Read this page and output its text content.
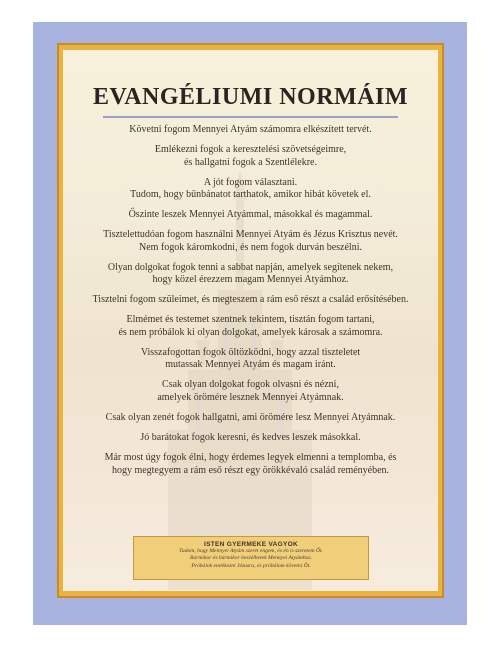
EVANGÉLIUMI NORMÁIM
Követni fogom Mennyei Atyám számomra elkészített tervét.
Emlékezni fogok a keresztelési szövetségeimre,
és hallgatni fogok a Szentlélekre.
A jót fogom választani.
Tudom, hogy bűnbánatot tarthatok, amikor hibát követek el.
Őszinte leszek Mennyei Atyámmal, másokkal és magammal.
Tisztelettudóan fogom használni Mennyei Atyám és Jézus Krisztus nevét.
Nem fogok káromkodni, és nem fogok durván beszélni.
Olyan dolgokat fogok tenni a sabbat napján, amelyek segítenek nekem,
hogy közel érezzem magam Mennyei Atyámhoz.
Tisztelni fogom szüleimet, és megteszem a rám eső részt a család erősítésében.
Elmémet és testemet szentnek tekintem, tisztán fogom tartani,
és nem próbálok ki olyan dolgokat, amelyek károsak a számomra.
Visszafogottan fogok öltözködni, hogy azzal tiszteletet
mutassak Mennyei Atyám és magam iránt.
Csak olyan dolgokat fogok olvasni és nézni,
amelyek örömére lesznek Mennyei Atyámnak.
Csak olyan zenét fogok hallgatni, ami örömére lesz Mennyei Atyámnak.
Jó barátokat fogok keresni, és kedves leszek másokkal.
Már most úgy fogok élni, hogy érdemes legyek elmenni a templomba, és
hogy megtegyem a rám eső részt egy örökkévaló család reményében.
ISTEN GYERMEKE VAGYOK
Tudom, hogy Mennyei Atyám szeret engem, és én is szeretem Őt.
Bármikor és bármikor beszélhetek Mennyei Atyámhoz.
Próbálok emlékezni Jézusra, és próbálom követni Őt.
